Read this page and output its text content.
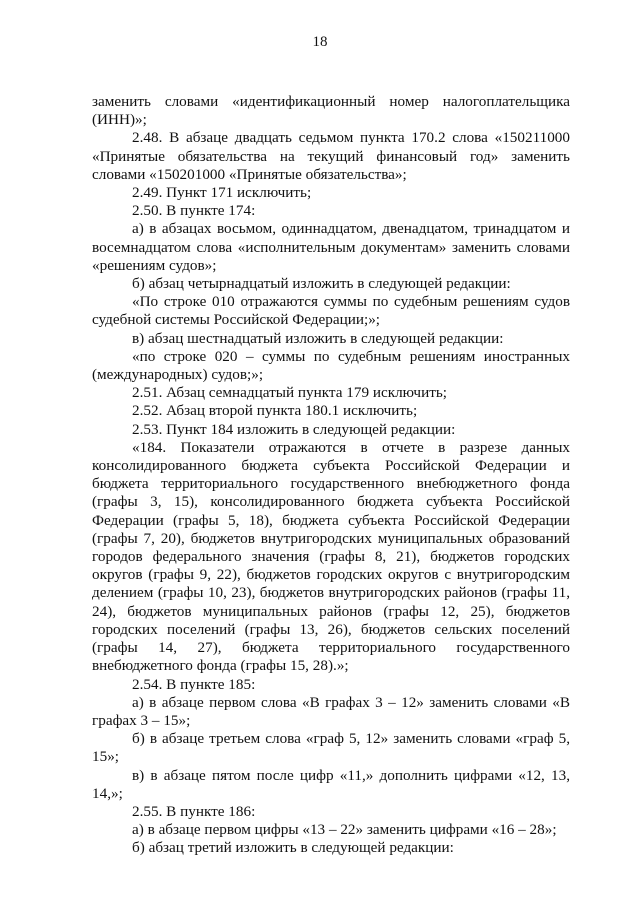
18

заменить словами «идентификационный номер налогоплательщика (ИНН)»;

2.48. В абзаце двадцать седьмом пункта 170.2 слова «150211000 «Принятые обязательства на текущий финансовый год» заменить словами «150201000 «Принятые обязательства»;

2.49. Пункт 171 исключить;

2.50. В пункте 174:

а) в абзацах восьмом, одиннадцатом, двенадцатом, тринадцатом и восемнадцатом слова «исполнительным документам» заменить словами «решениям судов»;

б) абзац четырнадцатый изложить в следующей редакции:

«По строке 010 отражаются суммы по судебным решениям судов судебной системы Российской Федерации;»;

в) абзац шестнадцатый изложить в следующей редакции:

«по строке 020 – суммы по судебным решениям иностранных (международных) судов;»;

2.51. Абзац семнадцатый пункта 179 исключить;

2.52. Абзац второй пункта 180.1 исключить;

2.53. Пункт 184 изложить в следующей редакции:

«184. Показатели отражаются в отчете в разрезе данных консолидированного бюджета субъекта Российской Федерации и бюджета территориального государственного внебюджетного фонда (графы 3, 15), консолидированного бюджета субъекта Российской Федерации (графы 5, 18), бюджета субъекта Российской Федерации (графы 7, 20), бюджетов внутригородских муниципальных образований городов федерального значения (графы 8, 21), бюджетов городских округов (графы 9, 22), бюджетов городских округов с внутригородским делением (графы 10, 23), бюджетов внутригородских районов (графы 11, 24), бюджетов муниципальных районов (графы 12, 25), бюджетов городских поселений (графы 13, 26), бюджетов сельских поселений (графы 14, 27), бюджета территориального государственного внебюджетного фонда (графы 15, 28).»;

2.54. В пункте 185:

а) в абзаце первом слова «В графах 3 – 12» заменить словами «В графах 3 – 15»;

б) в абзаце третьем слова «граф 5, 12» заменить словами «граф 5, 15»;

в) в абзаце пятом после цифр «11,» дополнить цифрами «12, 13, 14,»;

2.55. В пункте 186:

а) в абзаце первом цифры «13 – 22» заменить цифрами «16 – 28»;

б) абзац третий изложить в следующей редакции:
